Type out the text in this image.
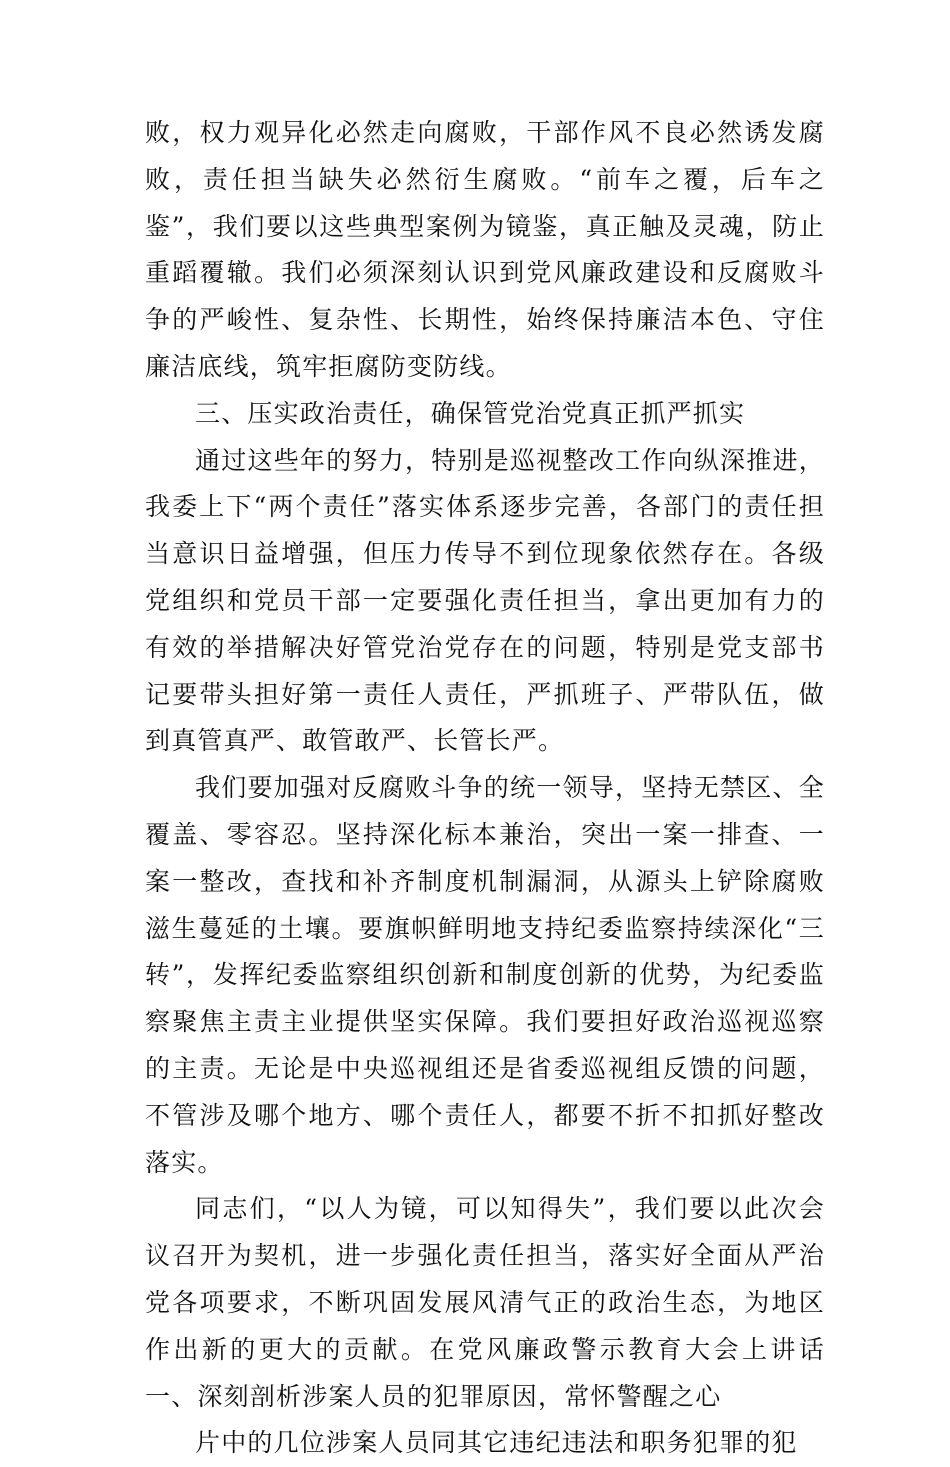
败，权力观异化必然走向腐败，干部作风不良必然诱发腐败，责任担当缺失必然衍生腐败。“前车之覆，后车之鉴”，我们要以这些典型案例为镜鉴，真正触及灵魂，防止重蹈覆辙。我们必须深刻认识到党风廉政建设和反腐败斗争的严峻性、复杂性、长期性，始终保持廉洁本色、守住廉洁底线，筑牢拒腐防变防线。

三、压实政治责任，确保管党治党真正抓严抓实

通过这些年的努力，特别是巡视整改工作向纵深推进，我委上下“两个责任”落实体系逐步完善，各部门的责任担当意识日益增强，但压力传导不到位现象依然存在。各级党组织和党员干部一定要强化责任担当，拿出更加有力的有效的举措解决好管党治党存在的问题，特别是党支部书记要带头担好第一责任人责任，严抓班子、严带队伍，做到真管真严、敢管敢严、长管长严。

我们要加强对反腐败斗争的统一领导，坚持无禁区、全覆盖、零容忍。坚持深化标本兼治，突出一案一排查、一案一整改，查找和补齐制度机制漏洞，从源头上铲除腐败滋生蔓延的土壤。要旗帜鲜明地支持纪委监察持续深化“三转”，发挥纪委监察组织创新和制度创新的优势，为纪委监察聚焦主责主业提供坚实保障。我们要担好政治巡视巡察的主责。无论是中央巡视组还是省委巡视组反馈的问题，不管涉及哪个地方、哪个责任人，都要不折不扣抓好整改落实。

同志们，“以人为镜，可以知得失”，我们要以此次会议召开为契机，进一步强化责任担当，落实好全面从严治党各项要求，不断巩固发展风清气正的政治生态，为地区作出新的更大的贡献。在党风廉政警示教育大会上讲话一、深刻剖析涉案人员的犯罪原因，常怀警醒之心

片中的几位涉案人员同其它违纪违法和职务犯罪的犯
